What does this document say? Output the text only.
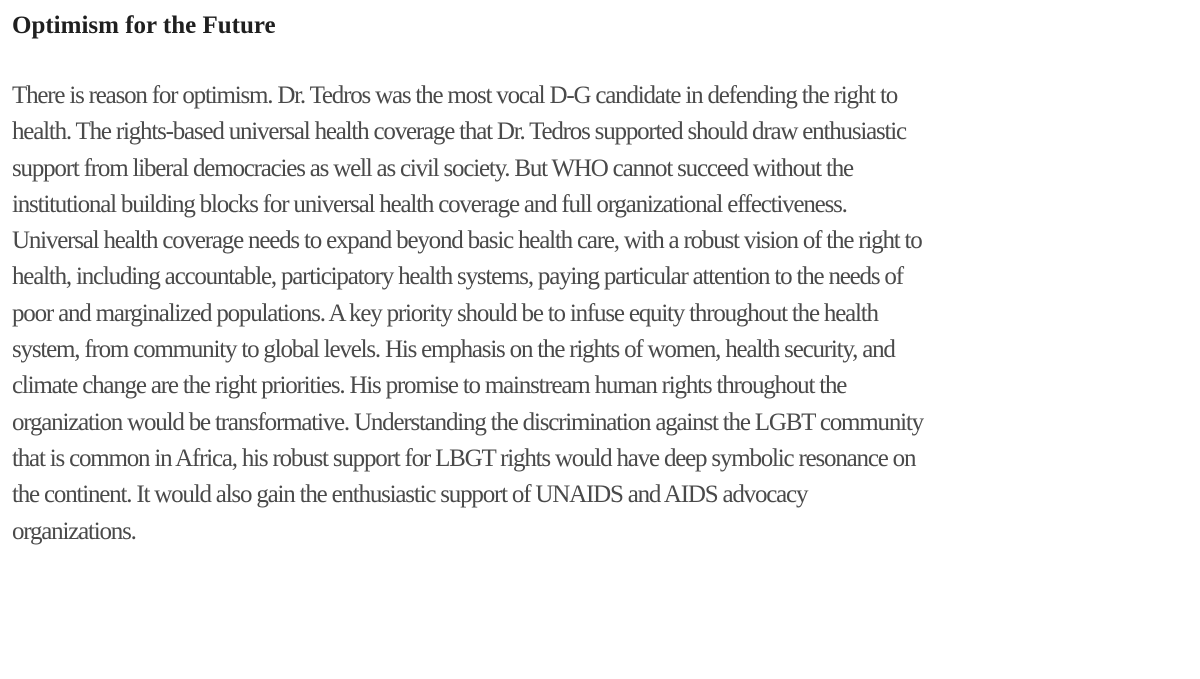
Optimism for the Future

There is reason for optimism. Dr. Tedros was the most vocal D-G candidate in defending the right to
health. The rights-based universal health coverage that Dr. Tedros supported should draw enthusiastic
support from liberal democracies as well as civil society. But WHO cannot succeed without the
institutional building blocks for universal health coverage and full organizational effectiveness.
Universal health coverage needs to expand beyond basic health care, with a robust vision of the right to
health, including accountable, participatory health systems, paying particular attention to the needs of
poor and marginalized populations. A key priority should be to infuse equity throughout the health
system, from community to global levels. His emphasis on the rights of women, health security, and
climate change are the right priorities. His promise to mainstream human rights throughout the
organization would be transformative. Understanding the discrimination against the LGBT community
that is common in Africa, his robust support for LBGT rights would have deep symbolic resonance on
the continent. It would also gain the enthusiastic support of UNAIDS and AIDS advocacy
organizations.
